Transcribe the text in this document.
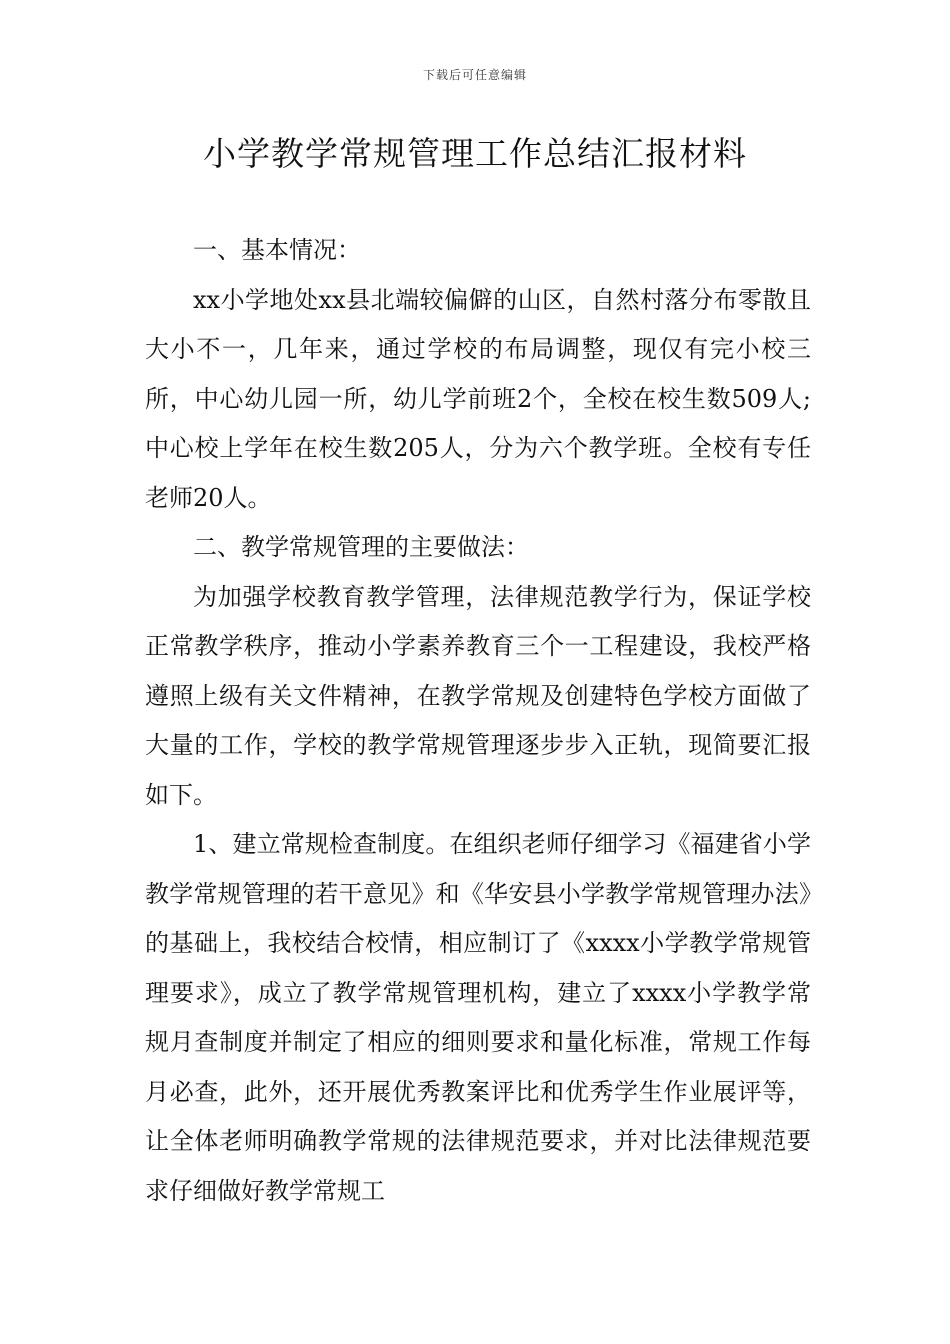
下载后可任意编辑
小学教学常规管理工作总结汇报材料

一、基本情况：

xx小学地处xx县北端较偏僻的山区，自然村落分布零散且大小不一，几年来，通过学校的布局调整，现仅有完小校三所，中心幼儿园一所，幼儿学前班2个，全校在校生数509人;中心校上学年在校生数205人，分为六个教学班。全校有专任老师20人。

二、教学常规管理的主要做法：

为加强学校教育教学管理，法律规范教学行为，保证学校正常教学秩序，推动小学素养教育三个一工程建设，我校严格遵照上级有关文件精神，在教学常规及创建特色学校方面做了大量的工作，学校的教学常规管理逐步步入正轨，现简要汇报如下。

1、建立常规检查制度。在组织老师仔细学习《福建省小学教学常规管理的若干意见》和《华安县小学教学常规管理办法》的基础上，我校结合校情，相应制订了《xxxx小学教学常规管理要求》，成立了教学常规管理机构，建立了xxxx小学教学常规月查制度并制定了相应的细则要求和量化标准，常规工作每月必查，此外，还开展优秀教案评比和优秀学生作业展评等，让全体老师明确教学常规的法律规范要求，并对比法律规范要求仔细做好教学常规工
